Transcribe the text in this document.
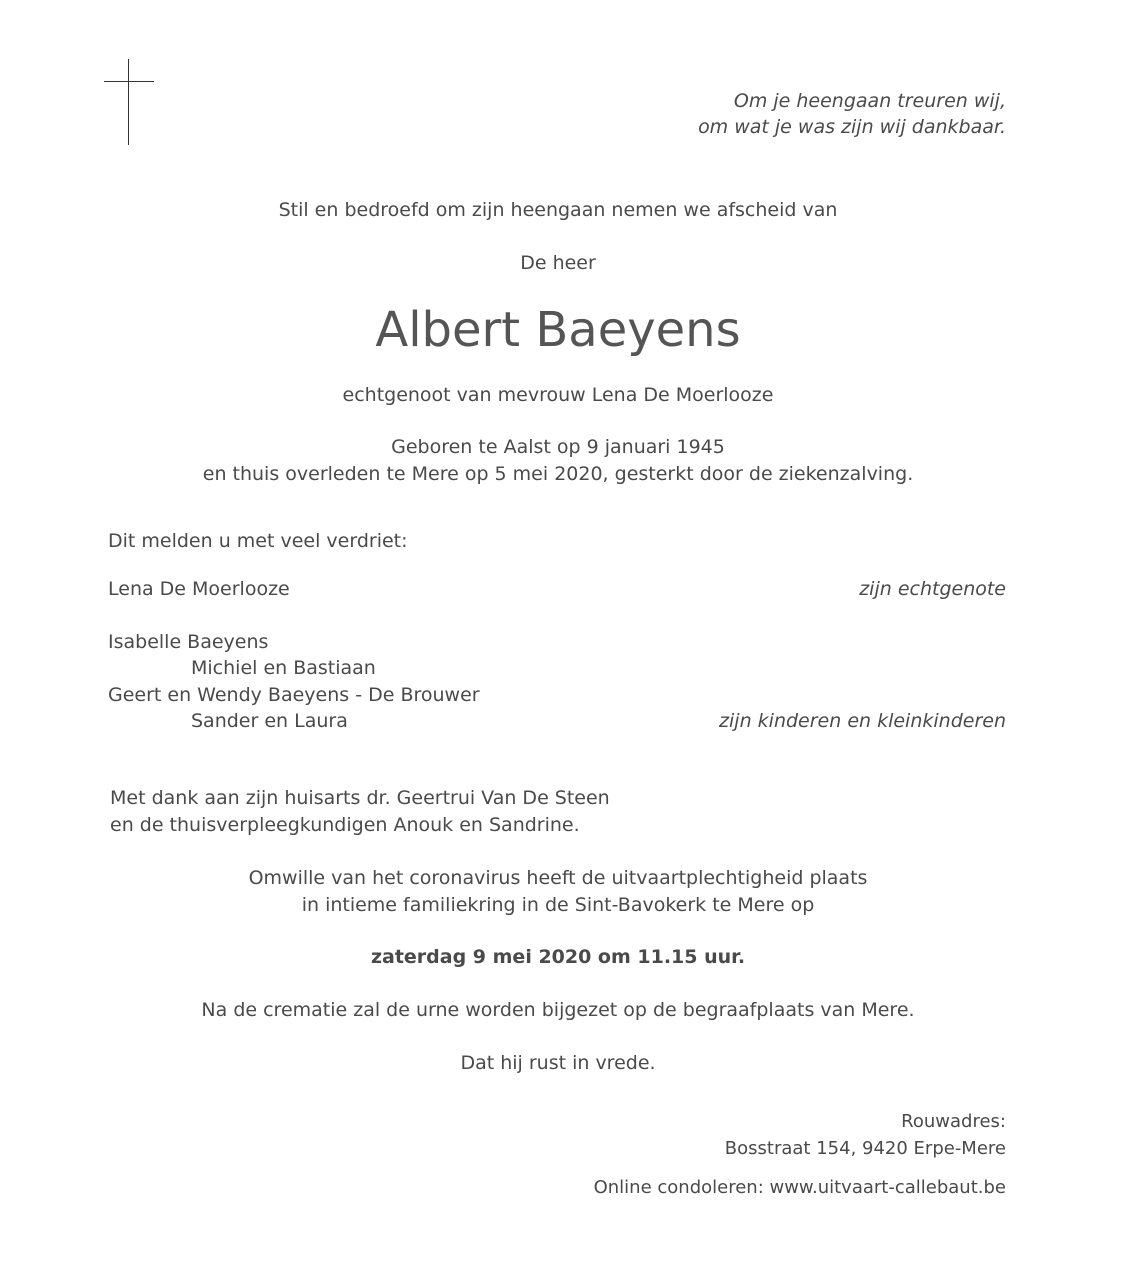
Om je heengaan treuren wij,
om wat je was zijn wij dankbaar.
Stil en bedroefd om zijn heengaan nemen we afscheid van
De heer
Albert Baeyens
echtgenoot van mevrouw Lena De Moerlooze
Geboren te Aalst op 9 januari 1945
en thuis overleden te Mere op 5 mei 2020, gesterkt door de ziekenzalving.
Dit melden u met veel verdriet:
Lena De Moerlooze	zijn echtgenote
Isabelle Baeyens
Michiel en Bastiaan
Geert en Wendy Baeyens - De Brouwer
Sander en Laura	zijn kinderen en kleinkinderen
Met dank aan zijn huisarts dr. Geertrui Van De Steen
en de thuisverpleegkundigen Anouk en Sandrine.
Omwille van het coronavirus heeft de uitvaartplechtigheid plaats
in intieme familiekring in de Sint-Bavokerk te Mere op
zaterdag 9 mei 2020 om 11.15 uur.
Na de crematie zal de urne worden bijgezet op de begraafplaats van Mere.
Dat hij rust in vrede.
Rouwadres:
Bosstraat 154, 9420 Erpe-Mere
Online condoleren: www.uitvaart-callebaut.be
